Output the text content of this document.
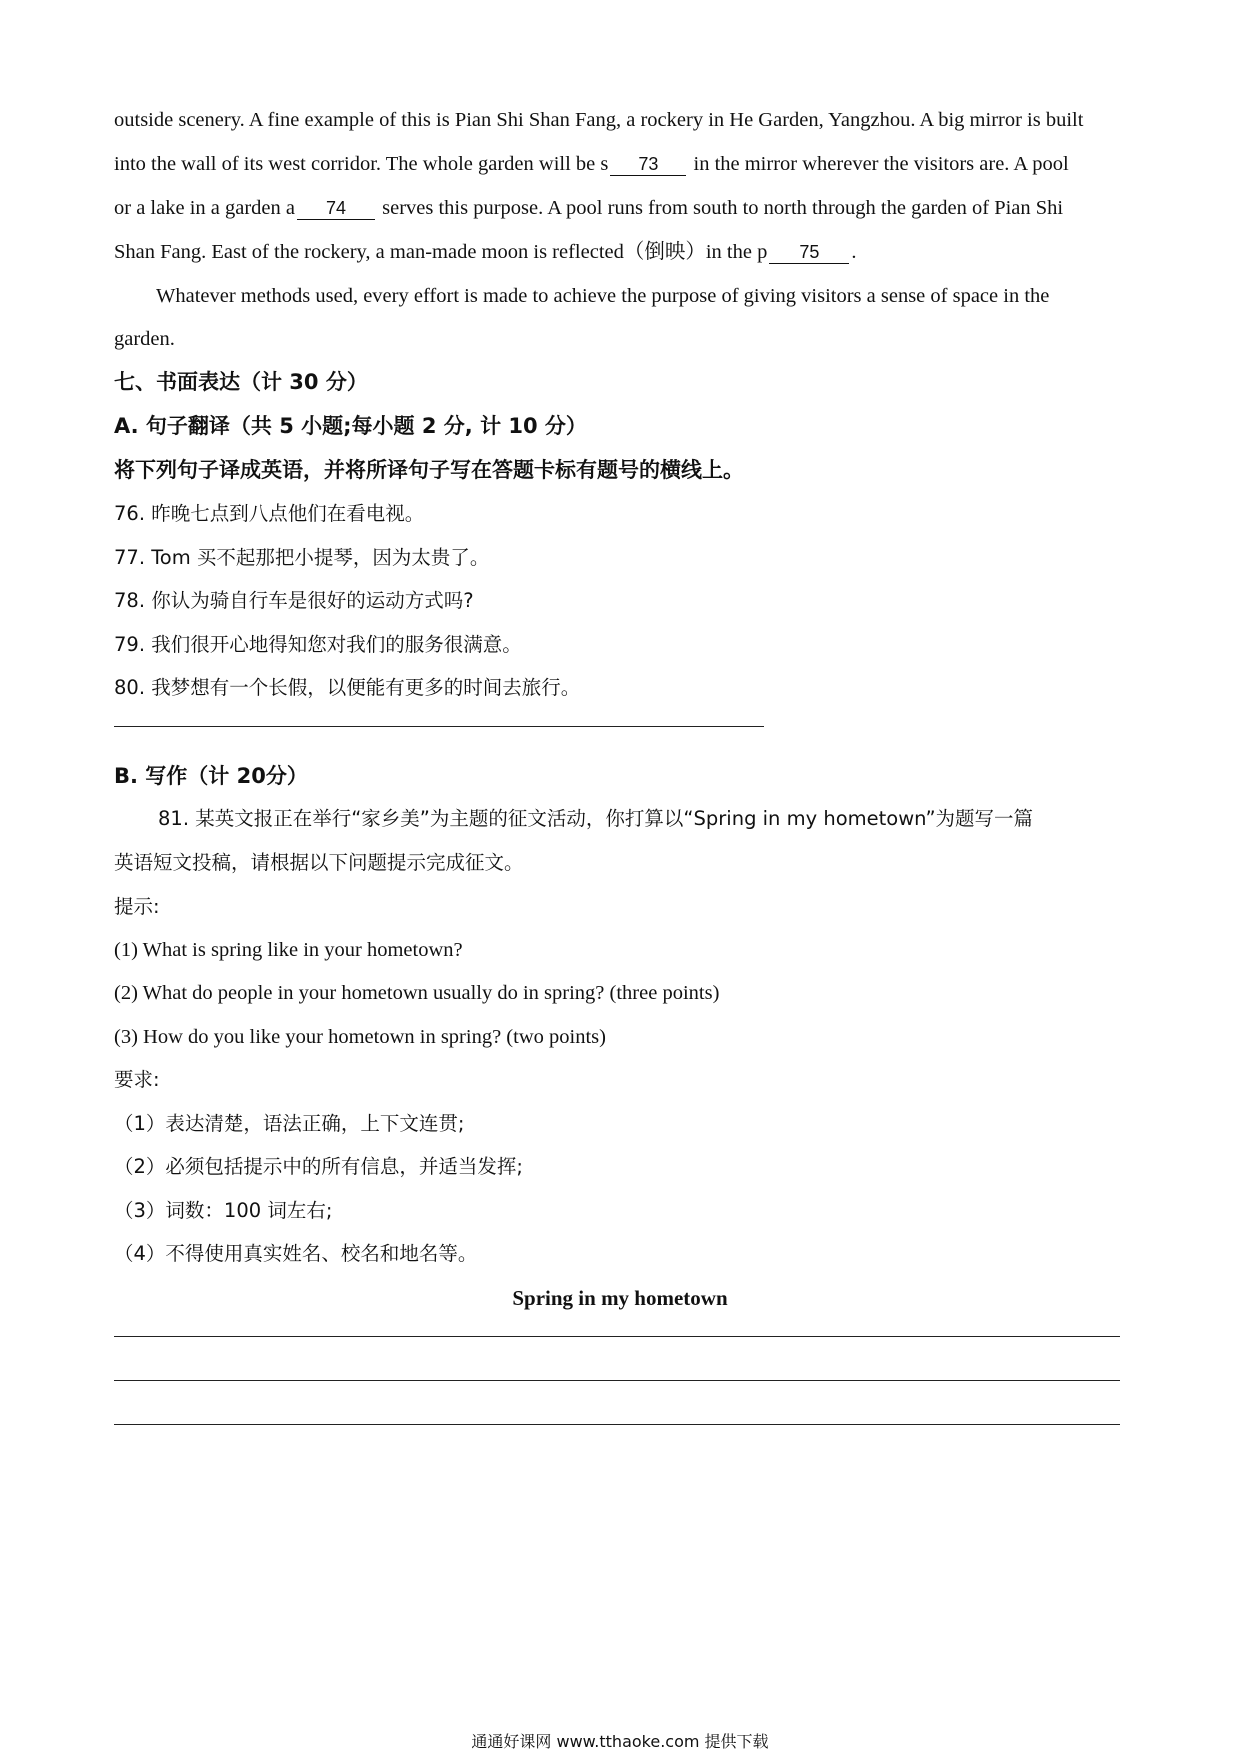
outside scenery. A fine example of this is Pian Shi Shan Fang, a rockery in He Garden, Yangzhou. A big mirror is built
into the wall of its west corridor. The whole garden will be s 73 in the mirror wherever the visitors are. A pool
or a lake in a garden a 74 serves this purpose. A pool runs from south to north through the garden of Pian Shi
Shan Fang. East of the rockery, a man-made moon is reflected（倒映）in the p 75 .
Whatever methods used, every effort is made to achieve the purpose of giving visitors a sense of space in the
garden.
七、书面表达（计 30 分）
A. 句子翻译（共 5 小题;每小题 2 分, 计 10 分）
将下列句子译成英语，并将所译句子写在答题卡标有题号的横线上。
76. 昨晚七点到八点他们在看电视。
77. Tom 买不起那把小提琴，因为太贵了。
78. 你认为骑自行车是很好的运动方式吗?
79. 我们很开心地得知您对我们的服务很满意。
80. 我梦想有一个长假，以便能有更多的时间去旅行。
B. 写作（计 20分）
81. 某英文报正在举行“家乡美”为主题的征文活动，你打算以“Spring in my hometown”为题写一篇
英语短文投稿，请根据以下问题提示完成征文。
提示:
(1) What is spring like in your hometown?
(2) What do people in your hometown usually do in spring? (three points)
(3) How do you like your hometown in spring? (two points)
要求:
（1）表达清楚，语法正确，上下文连贯;
（2）必须包括提示中的所有信息，并适当发挥;
（3）词数：100 词左右;
（4）不得使用真实姓名、校名和地名等。
Spring in my hometown
通通好课网 www.tthaoke.com 提供下载
